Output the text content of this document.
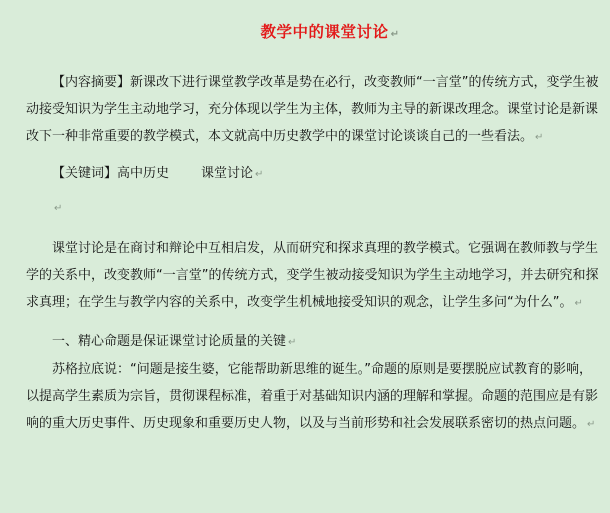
教学中的课堂讨论 ↵

【内容摘要】新课改下进行课堂教学改革是势在必行，改变教师“一言堂”的传统方式，变学生被动接受知识为学生主动地学习，充分体现以学生为主体，教师为主导的新课改理念。课堂讨论是新课改下一种非常重要的教学模式，本文就高中历史教学中的课堂讨论谈谈自己的一些看法。 ↵

【关键词】高中历史 课堂讨论 ↵

↵

课堂讨论是在商讨和辩论中互相启发，从而研究和探求真理的教学模式。它强调在教师教与学生学的关系中，改变教师“一言堂”的传统方式，变学生被动接受知识为学生主动地学习，并去研究和探求真理；在学生与教学内容的关系中，改变学生机械地接受知识的观念，让学生多问“为什么”。 ↵

一、精心命题是保证课堂讨论质量的关键 ↵

苏格拉底说：“问题是接生婆，它能帮助新思维的诞生。”命题的原则是要摆脱应试教育的影响，以提高学生素质为宗旨，贯彻课程标准，着重于对基础知识内涵的理解和掌握。命题的范围应是有影响的重大历史事件、历史现象和重要历史人物，以及与当前形势和社会发展联系密切的热点问题。 ↵
